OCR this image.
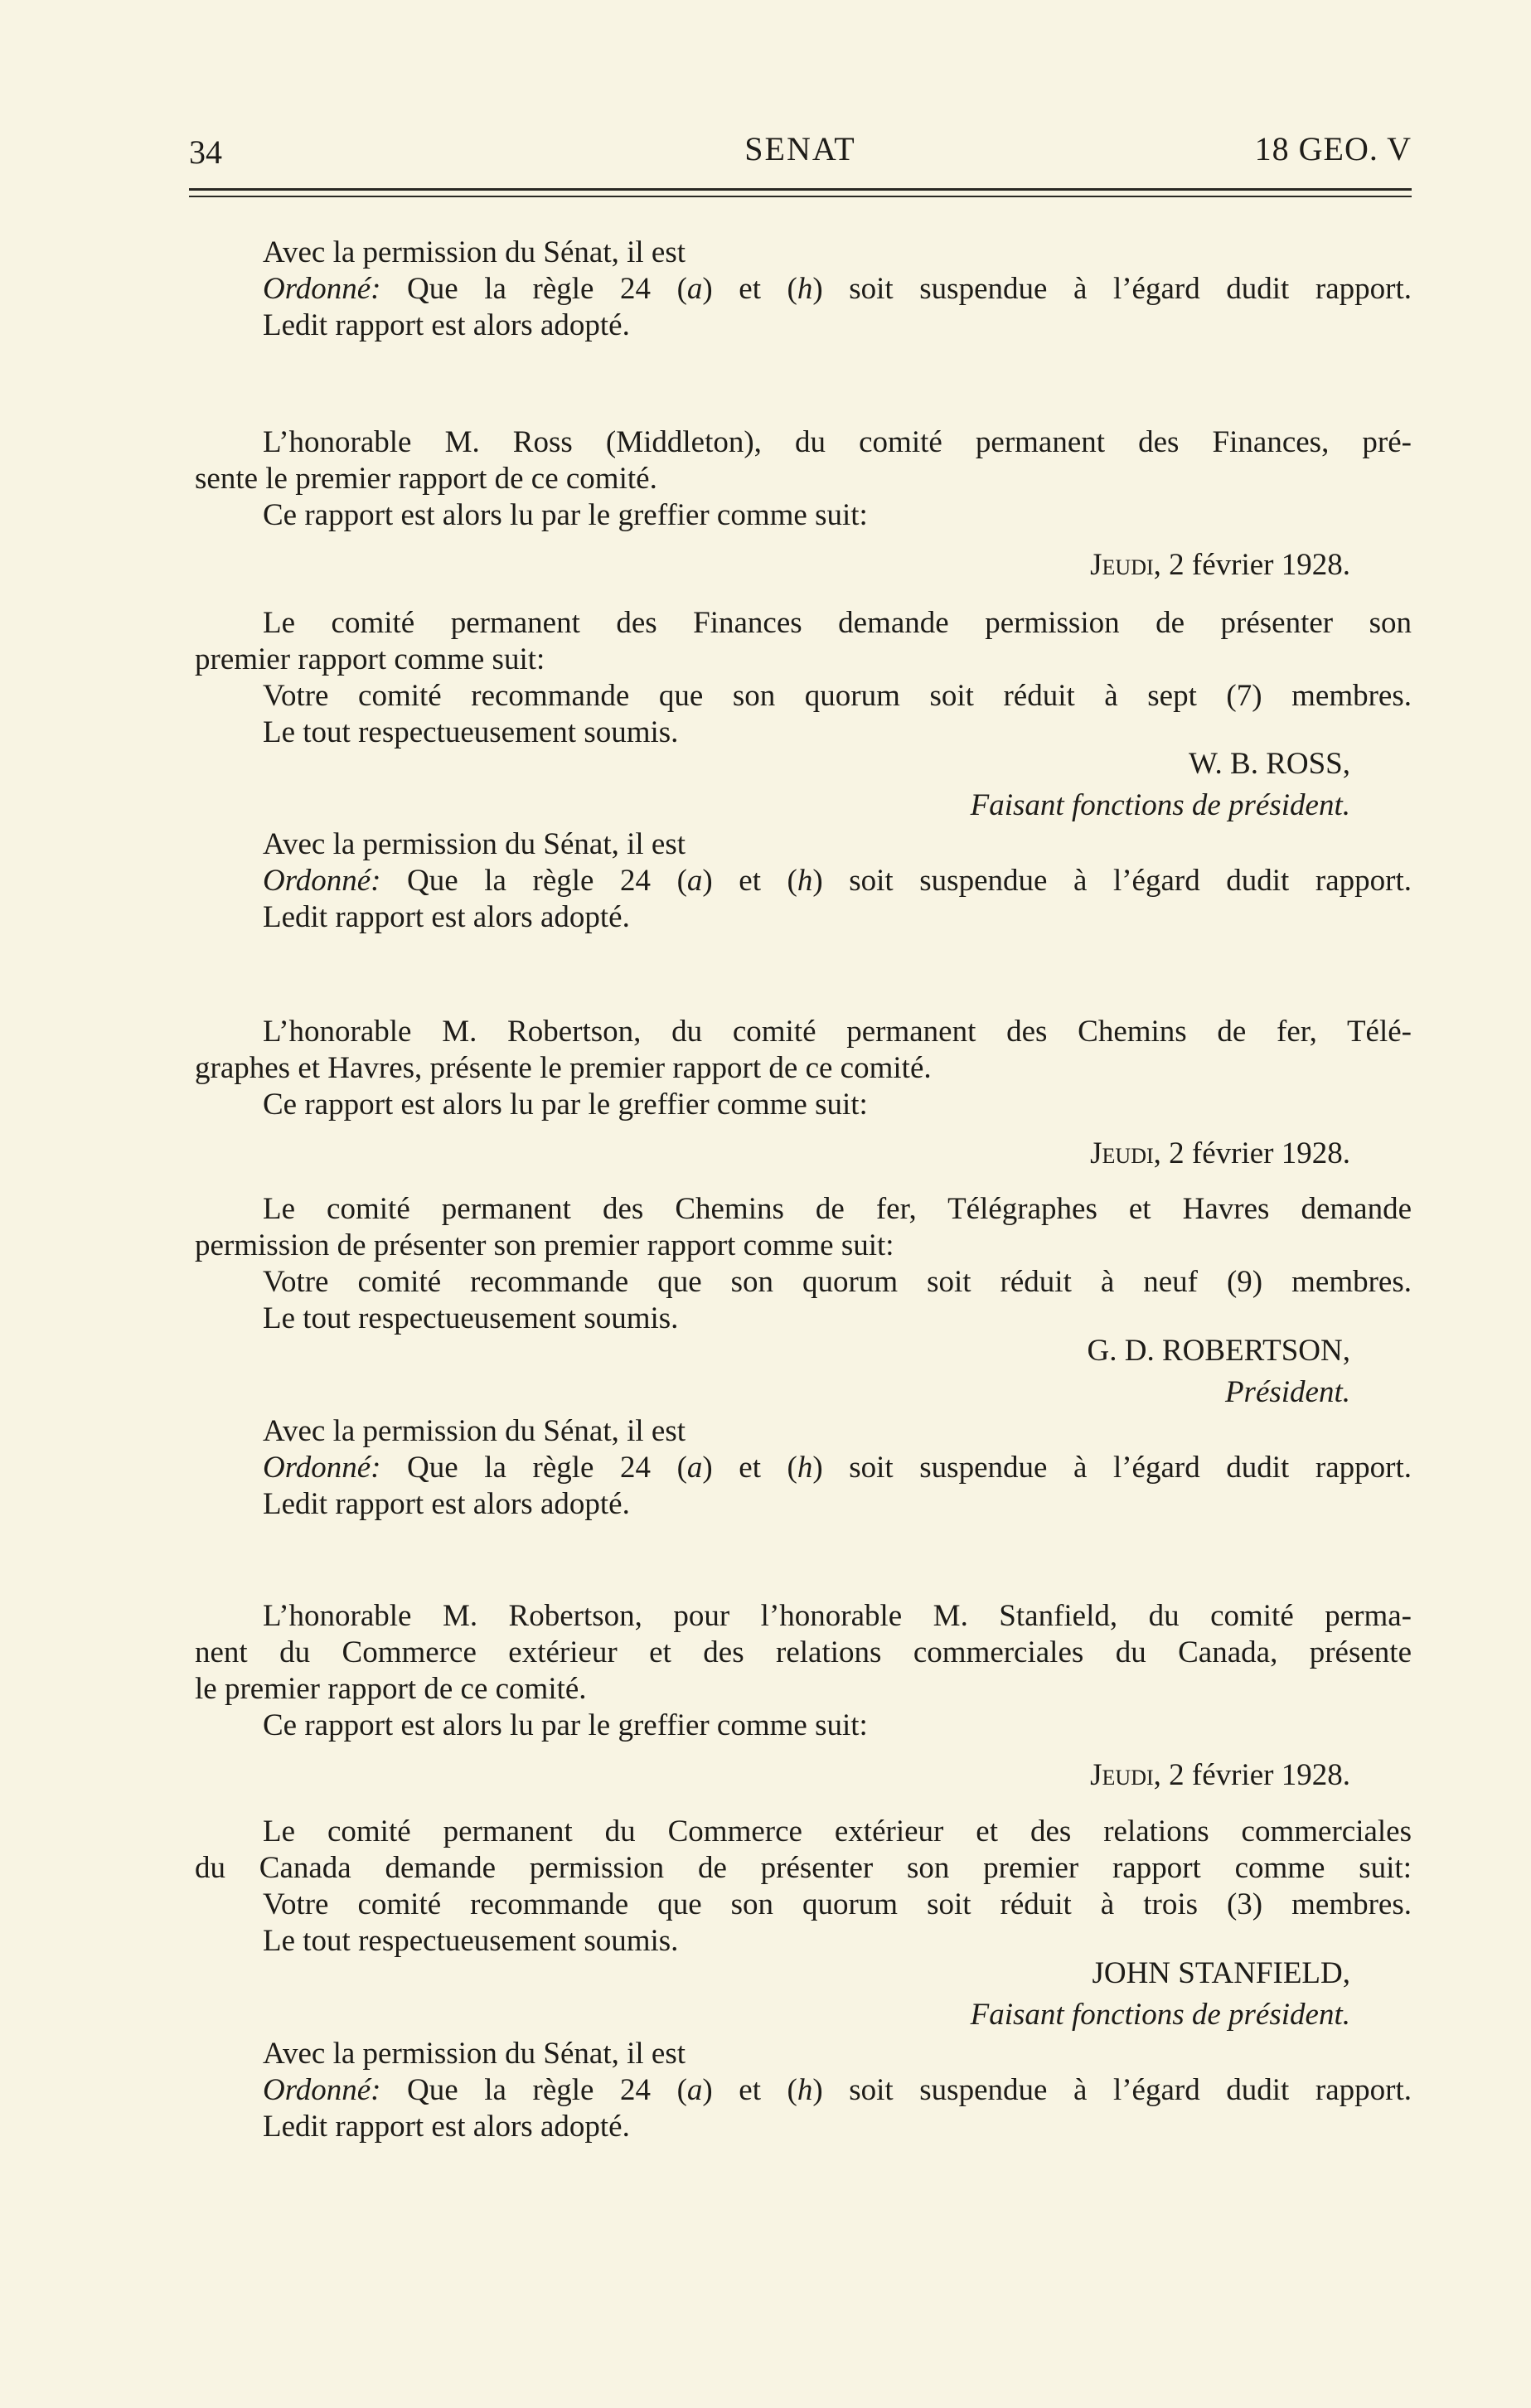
34	SENAT	18 GEO. V
Avec la permission du Sénat, il est
Ordonné: Que la règle 24 (a) et (h) soit suspendue à l’égard dudit rapport.
Ledit rapport est alors adopté.
L’honorable M. Ross (Middleton), du comité permanent des Finances, pré-
sente le premier rapport de ce comité.
Ce rapport est alors lu par le greffier comme suit:
Jeudi, 2 février 1928.
Le comité permanent des Finances demande permission de présenter son
premier rapport comme suit:
Votre comité recommande que son quorum soit réduit à sept (7) membres.
Le tout respectueusement soumis.
W. B. ROSS,
Faisant fonctions de président.
Avec la permission du Sénat, il est
Ordonné: Que la règle 24 (a) et (h) soit suspendue à l’égard dudit rapport.
Ledit rapport est alors adopté.
L’honorable M. Robertson, du comité permanent des Chemins de fer, Télé-
graphes et Havres, présente le premier rapport de ce comité.
Ce rapport est alors lu par le greffier comme suit:
Jeudi, 2 février 1928.
Le comité permanent des Chemins de fer, Télégraphes et Havres demande
permission de présenter son premier rapport comme suit:
Votre comité recommande que son quorum soit réduit à neuf (9) membres.
Le tout respectueusement soumis.
G. D. ROBERTSON,
Président.
Avec la permission du Sénat, il est
Ordonné: Que la règle 24 (a) et (h) soit suspendue à l’égard dudit rapport.
Ledit rapport est alors adopté.
L’honorable M. Robertson, pour l’honorable M. Stanfield, du comité perma-
nent du Commerce extérieur et des relations commerciales du Canada, présente
le premier rapport de ce comité.
Ce rapport est alors lu par le greffier comme suit:
Jeudi, 2 février 1928.
Le comité permanent du Commerce extérieur et des relations commerciales
du Canada demande permission de présenter son premier rapport comme suit:
Votre comité recommande que son quorum soit réduit à trois (3) membres.
Le tout respectueusement soumis.
JOHN STANFIELD,
Faisant fonctions de président.
Avec la permission du Sénat, il est
Ordonné: Que la règle 24 (a) et (h) soit suspendue à l’égard dudit rapport.
Ledit rapport est alors adopté.
